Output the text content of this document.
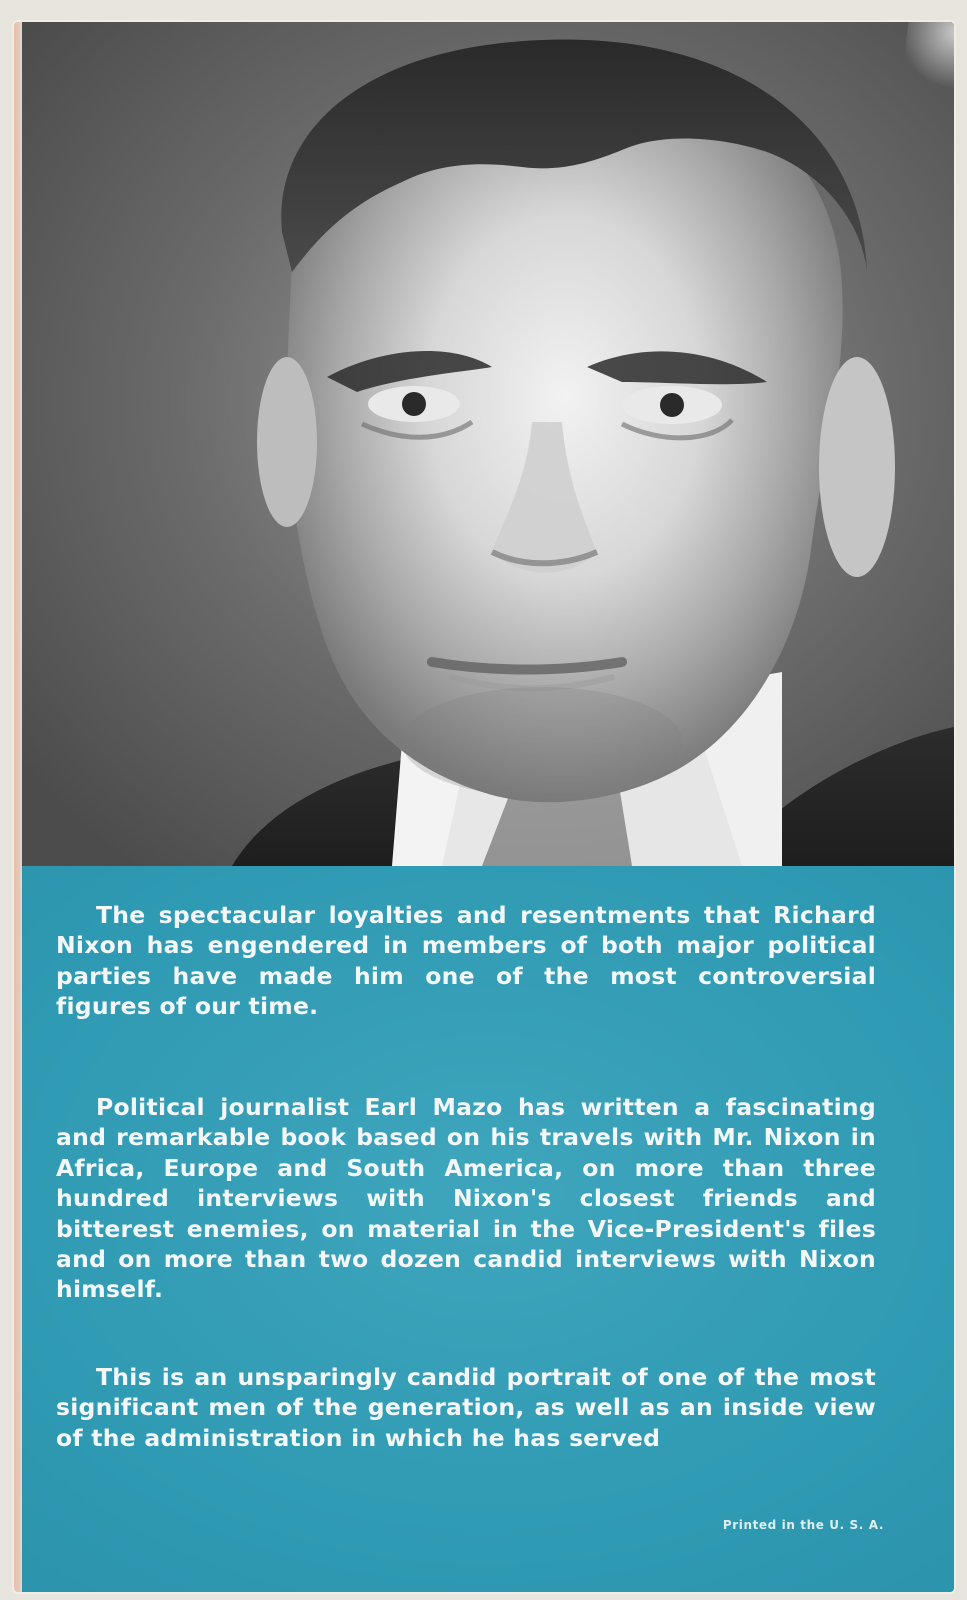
The spectacular loyalties and resentments that Richard Nixon has engendered in members of both major political parties have made him one of the most controversial figures of our time.

Political journalist Earl Mazo has written a fascinating and remarkable book based on his travels with Mr. Nixon in Africa, Europe and South America, on more than three hundred interviews with Nixon's closest friends and bitterest enemies, on material in the Vice-President's files and on more than two dozen candid interviews with Nixon himself.

This is an unsparingly candid portrait of one of the most significant men of the generation, as well as an inside view of the administration in which he has served

Printed in the U. S. A.
